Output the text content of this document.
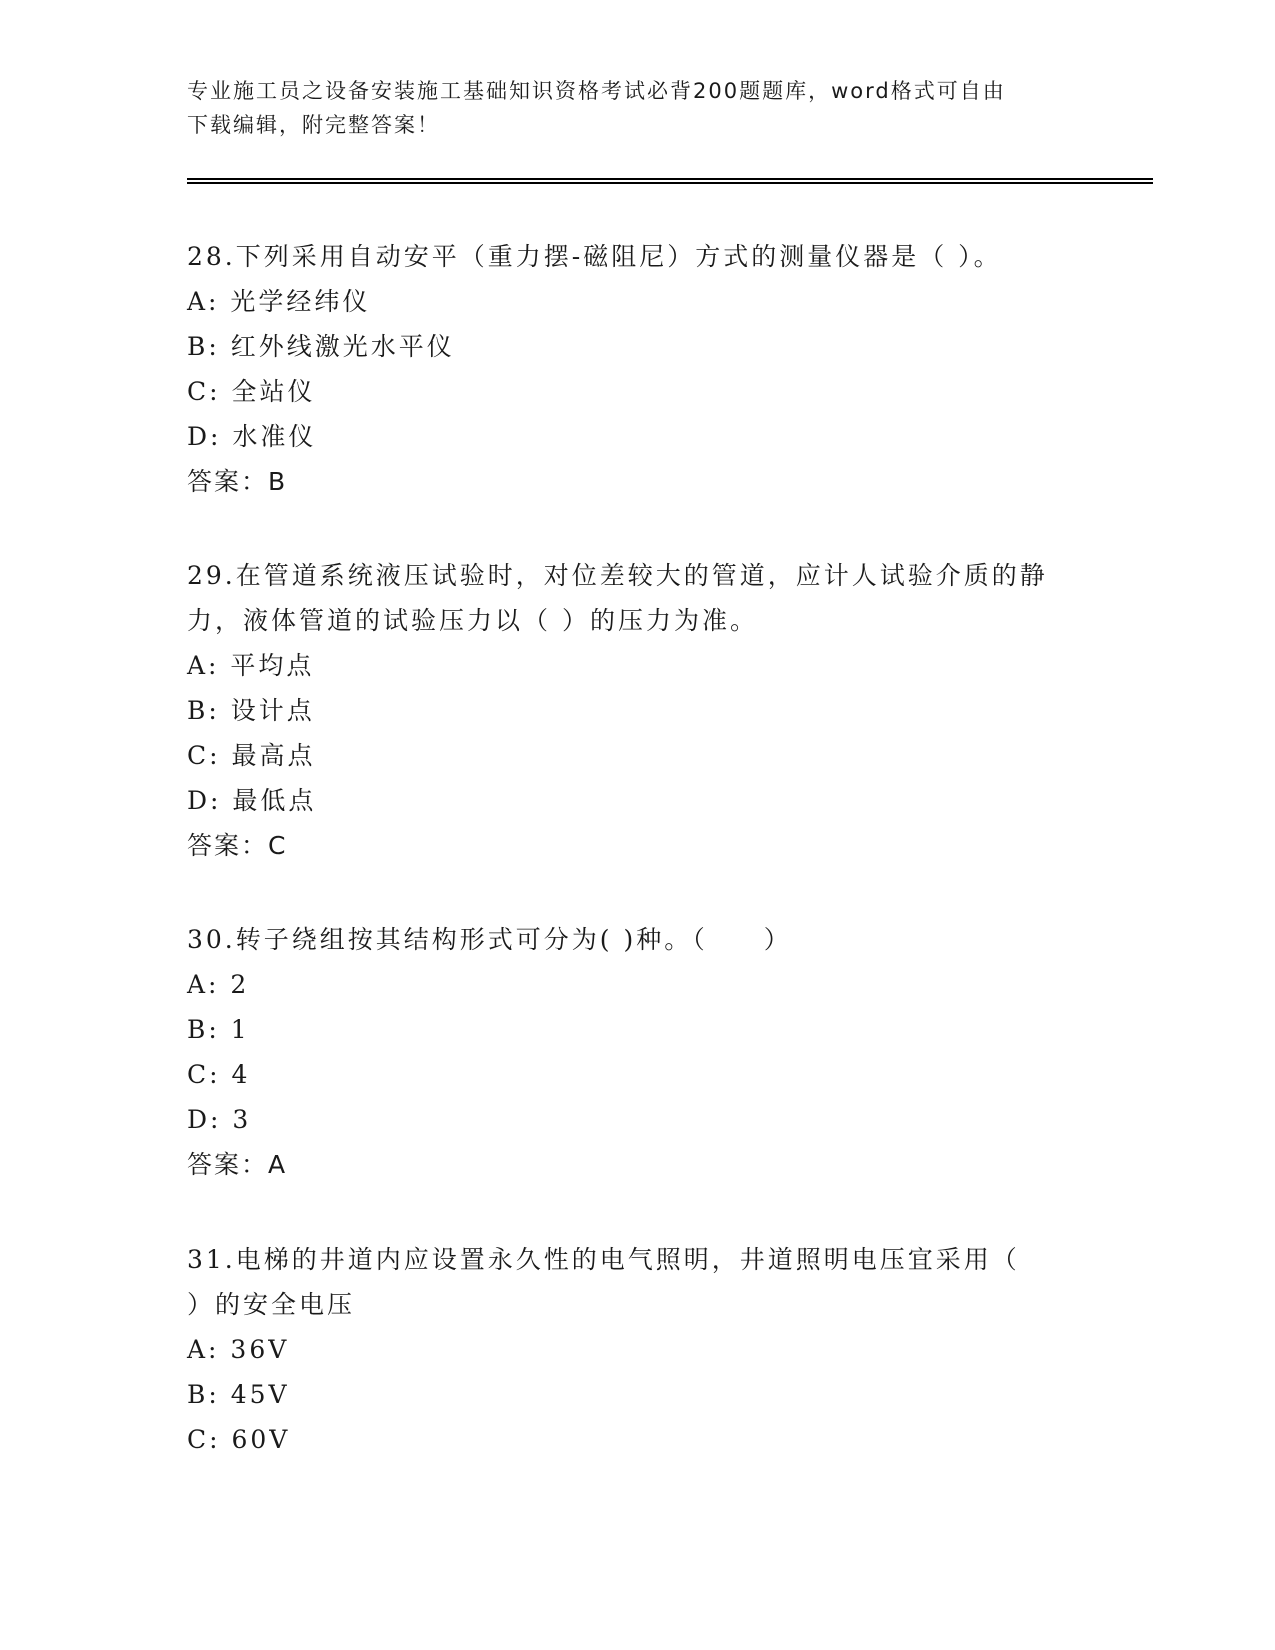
专业施工员之设备安装施工基础知识资格考试必背200题题库，word格式可自由
下载编辑，附完整答案！

28.下列采用自动安平（重力摆-磁阻尼）方式的测量仪器是（ ）。

A: 光学经纬仪

B: 红外线激光水平仪

C: 全站仪

D: 水准仪

答案：B

29.在管道系统液压试验时，对位差较大的管道，应计人试验介质的静

力，液体管道的试验压力以（ ）的压力为准。

A: 平均点

B: 设计点

C: 最高点

D: 最低点

答案：C

30.转子绕组按其结构形式可分为( )种。（　　）

A: 2

B: 1

C: 4

D: 3

答案：A

31.电梯的井道内应设置永久性的电气照明，井道照明电压宜采用（

）的安全电压

A: 36V

B: 45V

C: 60V
